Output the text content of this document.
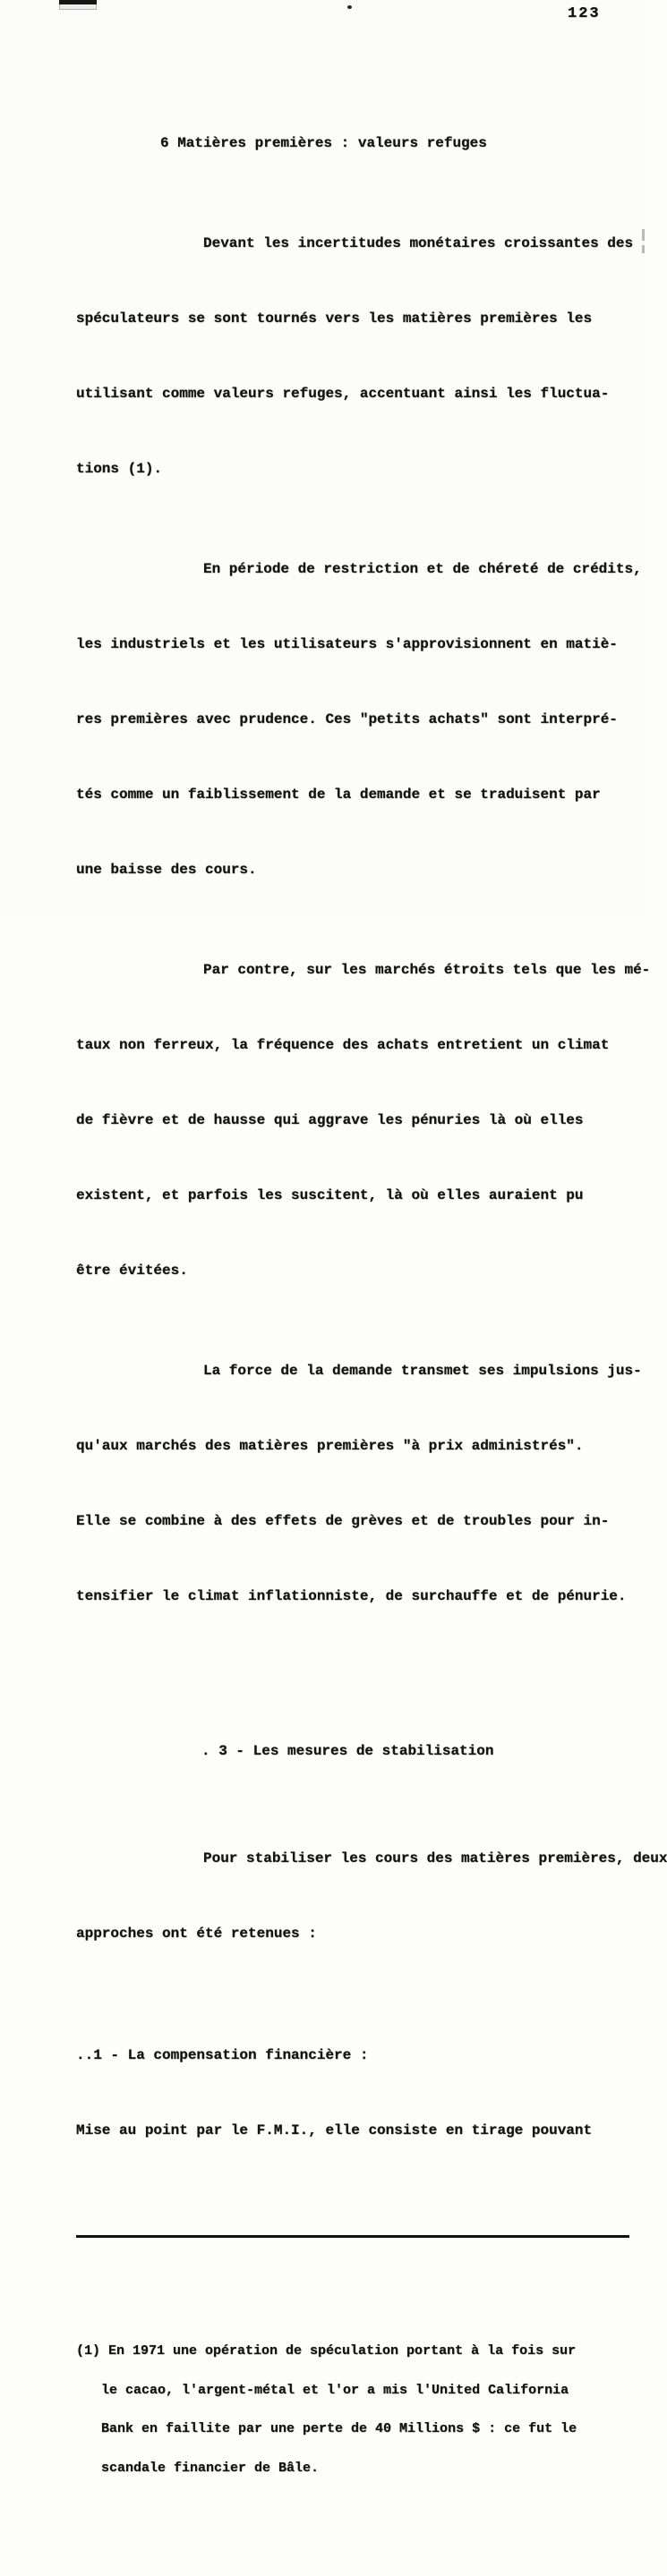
123

6 Matières premières : valeurs refuges

Devant les incertitudes monétaires croissantes des

spéculateurs se sont tournés vers les matières premières les

utilisant comme valeurs refuges, accentuant ainsi les fluctua-

tions (1).

En période de restriction et de chéreté de crédits,

les industriels et les utilisateurs s'approvisionnent en matiè-

res premières avec prudence. Ces "petits achats" sont interpré-

tés comme un faiblissement de la demande et se traduisent par

une baisse des cours.

Par contre, sur les marchés étroits tels que les mé-

taux non ferreux, la fréquence des achats entretient un climat

de fièvre et de hausse qui aggrave les pénuries là où elles

existent, et parfois les suscitent, là où elles auraient pu

être évitées.

La force de la demande transmet ses impulsions jus-

qu'aux marchés des matières premières "à prix administrés".

Elle se combine à des effets de grèves et de troubles pour in-

tensifier le climat inflationniste, de surchauffe et de pénurie.

. 3 - Les mesures de stabilisation

Pour stabiliser les cours des matières premières, deux

approches ont été retenues :

..1 - La compensation financière :

Mise au point par le F.M.I., elle consiste en tirage pouvant

(1) En 1971 une opération de spéculation portant à la fois sur

le cacao, l'argent-métal et l'or a mis l'United California

Bank en faillite par une perte de 40 Millions $ : ce fut le

scandale financier de Bâle.
